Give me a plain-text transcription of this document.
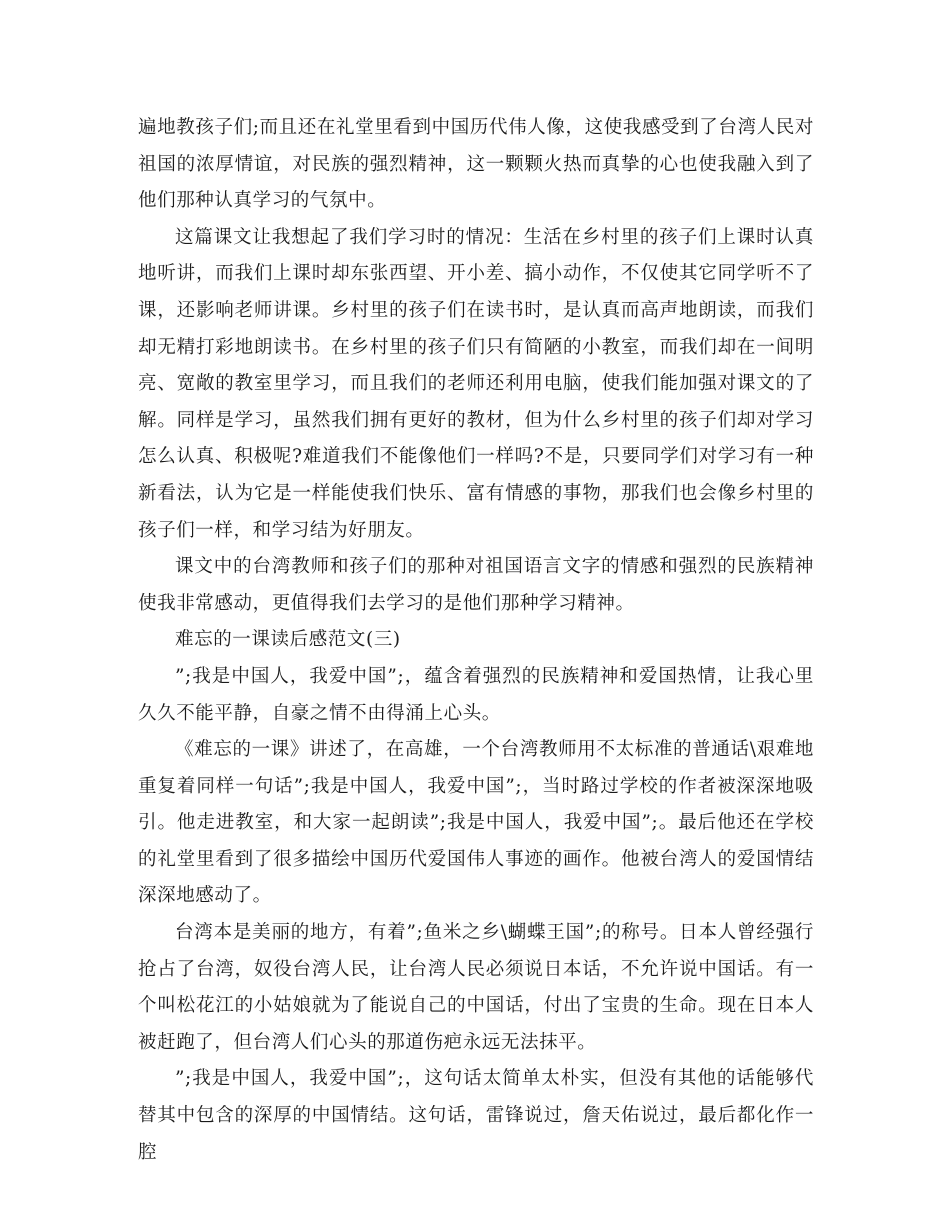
遍地教孩子们;而且还在礼堂里看到中国历代伟人像，这使我感受到了台湾人民对祖国的浓厚情谊，对民族的强烈精神，这一颗颗火热而真挚的心也使我融入到了他们那种认真学习的气氛中。

这篇课文让我想起了我们学习时的情况：生活在乡村里的孩子们上课时认真地听讲，而我们上课时却东张西望、开小差、搞小动作，不仅使其它同学听不了课，还影响老师讲课。乡村里的孩子们在读书时，是认真而高声地朗读，而我们却无精打彩地朗读书。在乡村里的孩子们只有简陋的小教室，而我们却在一间明亮、宽敞的教室里学习，而且我们的老师还利用电脑，使我们能加强对课文的了解。同样是学习，虽然我们拥有更好的教材，但为什么乡村里的孩子们却对学习怎么认真、积极呢?难道我们不能像他们一样吗?不是，只要同学们对学习有一种新看法，认为它是一样能使我们快乐、富有情感的事物，那我们也会像乡村里的孩子们一样，和学习结为好朋友。

课文中的台湾教师和孩子们的那种对祖国语言文字的情感和强烈的民族精神使我非常感动，更值得我们去学习的是他们那种学习精神。

难忘的一课读后感范文(三)

”;我是中国人，我爱中国”;，蕴含着强烈的民族精神和爱国热情，让我心里久久不能平静，自豪之情不由得涌上心头。

《难忘的一课》讲述了，在高雄，一个台湾教师用不太标准的普通话\艰难地重复着同样一句话”;我是中国人，我爱中国”;，当时路过学校的作者被深深地吸引。他走进教室，和大家一起朗读”;我是中国人，我爱中国”;。最后他还在学校的礼堂里看到了很多描绘中国历代爱国伟人事迹的画作。他被台湾人的爱国情结深深地感动了。

台湾本是美丽的地方，有着”;鱼米之乡\蝴蝶王国”;的称号。日本人曾经强行抢占了台湾，奴役台湾人民，让台湾人民必须说日本话，不允许说中国话。有一个叫松花江的小姑娘就为了能说自己的中国话，付出了宝贵的生命。现在日本人被赶跑了，但台湾人们心头的那道伤疤永远无法抹平。

”;我是中国人，我爱中国”;，这句话太简单太朴实，但没有其他的话能够代替其中包含的深厚的中国情结。这句话，雷锋说过，詹天佑说过，最后都化作一腔
